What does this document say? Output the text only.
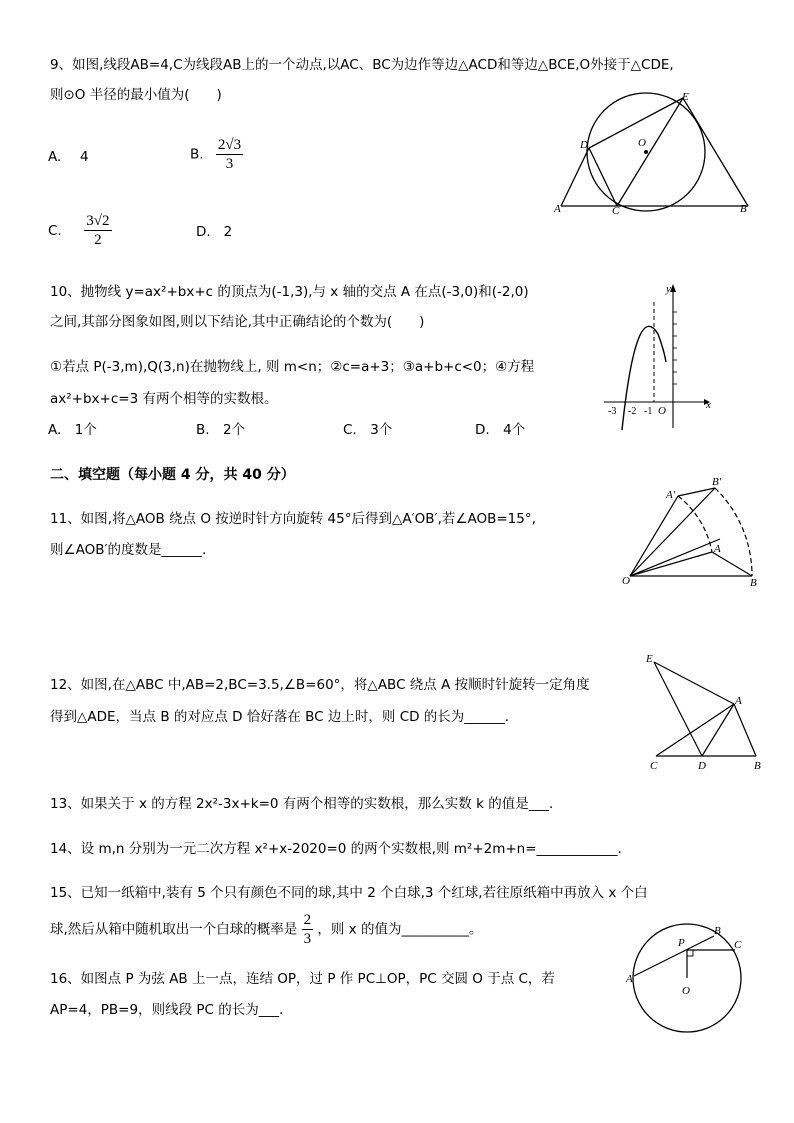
9、如图,线段AB=4,C为线段AB上的一个动点,以AC、BC为边作等边△ACD和等边△BCE,O外接于△CDE,
则⊙O 半径的最小值为(　　)
A. 4	B. $\frac{2√3}{3}$
C. $\frac{3√2}{2}$	D. 2
D
E
O
A	C	B
10、抛物线 y=ax²+bx+c 的顶点为(-1,3),与 x 轴的交点 A 在点(-3,0)和(-2,0)
之间,其部分图象如图,则以下结论,其中正确结论的个数为(　　)
①若点 P(-3,m),Q(3,n)在抛物线上, 则 m<n；②c=a+3；③a+b+c<0；④方程
ax²+bx+c=3 有两个相等的实数根。
A.　1个	B.　2个	C.　3个	D.　4个
y
x
O
-3 -2 -1
二、填空题（每小题 4 分，共 40 分）
11、如图,将△AOB 绕点 O 按逆时针方向旋转 45°后得到△A′OB′,若∠AOB=15°,
则∠AOB′的度数是______.
A′
B′
A
O	B
12、如图,在△ABC 中,AB=2,BC=3.5,∠B=60°，将△ABC 绕点 A 按顺时针旋转一定角度
得到△ADE，当点 B 的对应点 D 恰好落在 BC 边上时，则 CD 的长为______.
E
A
C	D	B
13、如果关于 x 的方程 2x²-3x+k=0 有两个相等的实数根，那么实数 k 的值是___.
14、设 m,n 分别为一元二次方程 x²+x-2020=0 的两个实数根,则 m²+2m+n=____________.
15、已知一纸箱中,装有 5 个只有颜色不同的球,其中 2 个白球,3 个红球,若往原纸箱中再放入 x 个白
球,然后从箱中随机取出一个白球的概率是 $\frac{2}{3}$ ，则 x 的值为__________。
16、如图点 P 为弦 AB 上一点，连结 OP，过 P 作 PC⊥OP，PC 交圆 O 于点 C，若
AP=4，PB=9，则线段 PC 的长为___.
P
B
C
A
O
